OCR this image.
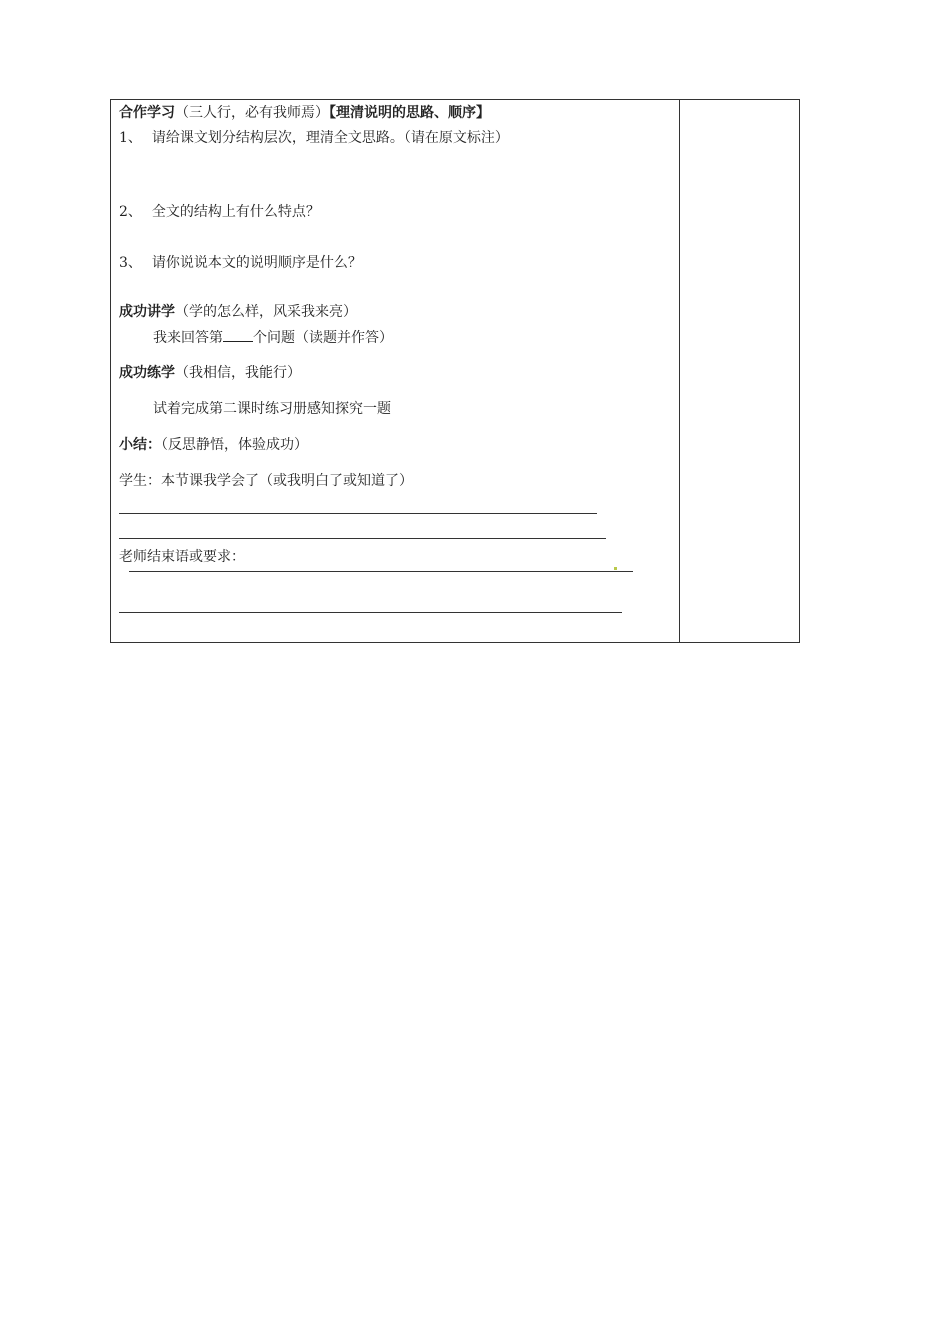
合作学习（三人行，必有我师焉）【理清说明的思路、顺序】
1、 请给课文划分结构层次，理清全文思路。（请在原文标注）
2、 全文的结构上有什么特点？
3、 请你说说本文的说明顺序是什么？
成功讲学（学的怎么样，风采我来亮）
我来回答第 个问题（读题并作答）
成功练学（我相信，我能行）
试着完成第二课时练习册感知探究一题
小结：（反思静悟，体验成功）
学生：本节课我学会了（或我明白了或知道了）
老师结束语或要求：
